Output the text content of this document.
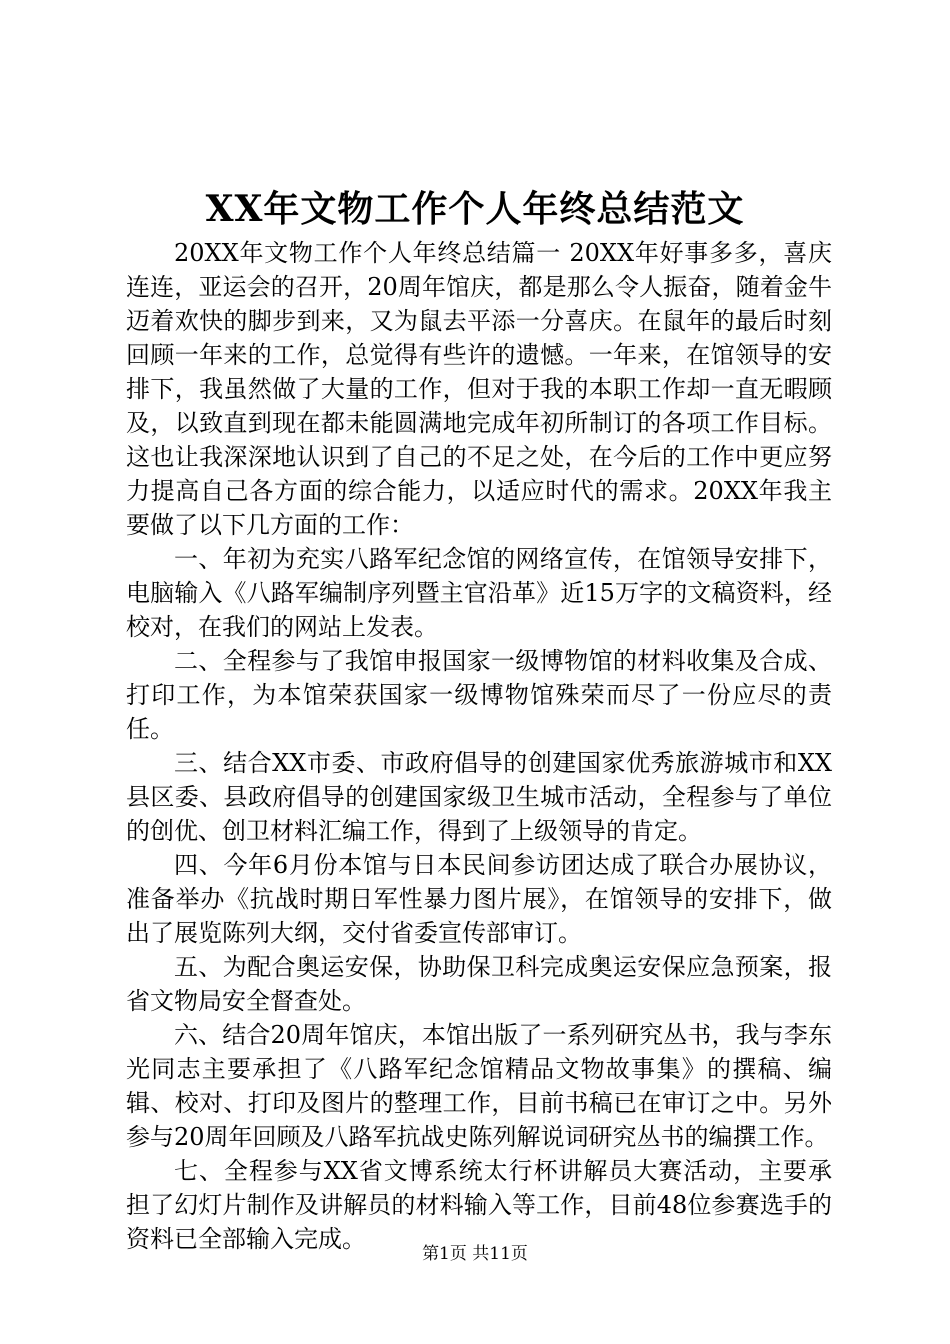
XX年文物工作个人年终总结范文

20XX年文物工作个人年终总结篇一 20XX年好事多多，喜庆连连，亚运会的召开，20周年馆庆，都是那么令人振奋，随着金牛迈着欢快的脚步到来，又为鼠去平添一分喜庆。在鼠年的最后时刻回顾一年来的工作，总觉得有些许的遗憾。一年来，在馆领导的安排下，我虽然做了大量的工作，但对于我的本职工作却一直无暇顾及，以致直到现在都未能圆满地完成年初所制订的各项工作目标。这也让我深深地认识到了自己的不足之处，在今后的工作中更应努力提高自己各方面的综合能力，以适应时代的需求。20XX年我主要做了以下几方面的工作：

一、年初为充实八路军纪念馆的网络宣传，在馆领导安排下，电脑输入《八路军编制序列暨主官沿革》近15万字的文稿资料，经校对，在我们的网站上发表。

二、全程参与了我馆申报国家一级博物馆的材料收集及合成、打印工作，为本馆荣获国家一级博物馆殊荣而尽了一份应尽的责任。

三、结合XX市委、市政府倡导的创建国家优秀旅游城市和XX县区委、县政府倡导的创建国家级卫生城市活动，全程参与了单位的创优、创卫材料汇编工作，得到了上级领导的肯定。

四、今年6月份本馆与日本民间参访团达成了联合办展协议，准备举办《抗战时期日军性暴力图片展》，在馆领导的安排下，做出了展览陈列大纲，交付省委宣传部审订。

五、为配合奥运安保，协助保卫科完成奥运安保应急预案，报省文物局安全督查处。

六、结合20周年馆庆，本馆出版了一系列研究丛书，我与李东光同志主要承担了《八路军纪念馆精品文物故事集》的撰稿、编辑、校对、打印及图片的整理工作，目前书稿已在审订之中。另外参与20周年回顾及八路军抗战史陈列解说词研究丛书的编撰工作。

七、全程参与XX省文博系统太行杯讲解员大赛活动，主要承担了幻灯片制作及讲解员的材料输入等工作，目前48位参赛选手的资料已全部输入完成。

第1页 共11页
